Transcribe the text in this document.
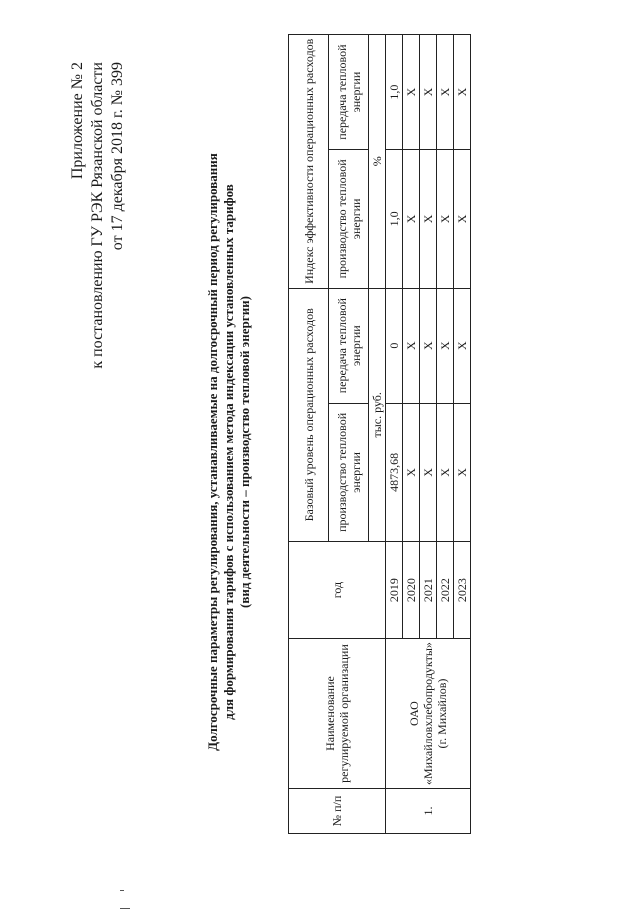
Приложение № 2 к постановлению ГУ РЭК Рязанской области от 17 декабря 2018 г. № 399	Долгосрочные параметры регулирования, устанавливаемые на долгосрочный период регулирования для формирования тарифов с использованием метода индексации установленных тарифов (вид деятельности – производство тепловой энергии)
№ п/п	Наименование регулируемой организации	год	Базовый уровень операционных расходов		Индекс эффективности операционных расходов	
			производство тепловой энергии	передача тепловой энергии	производство тепловой энергии	передача тепловой энергии
			тыс. руб.		%	
1.	ОАО «Михайловхлебопродукты» (г. Михайлов)	2019	4873,68	0	1,0	1,0
		2020	X	X	X	X
		2021	X	X	X	X
		2022	X	X	X	X
		2023	X	X	X	X
